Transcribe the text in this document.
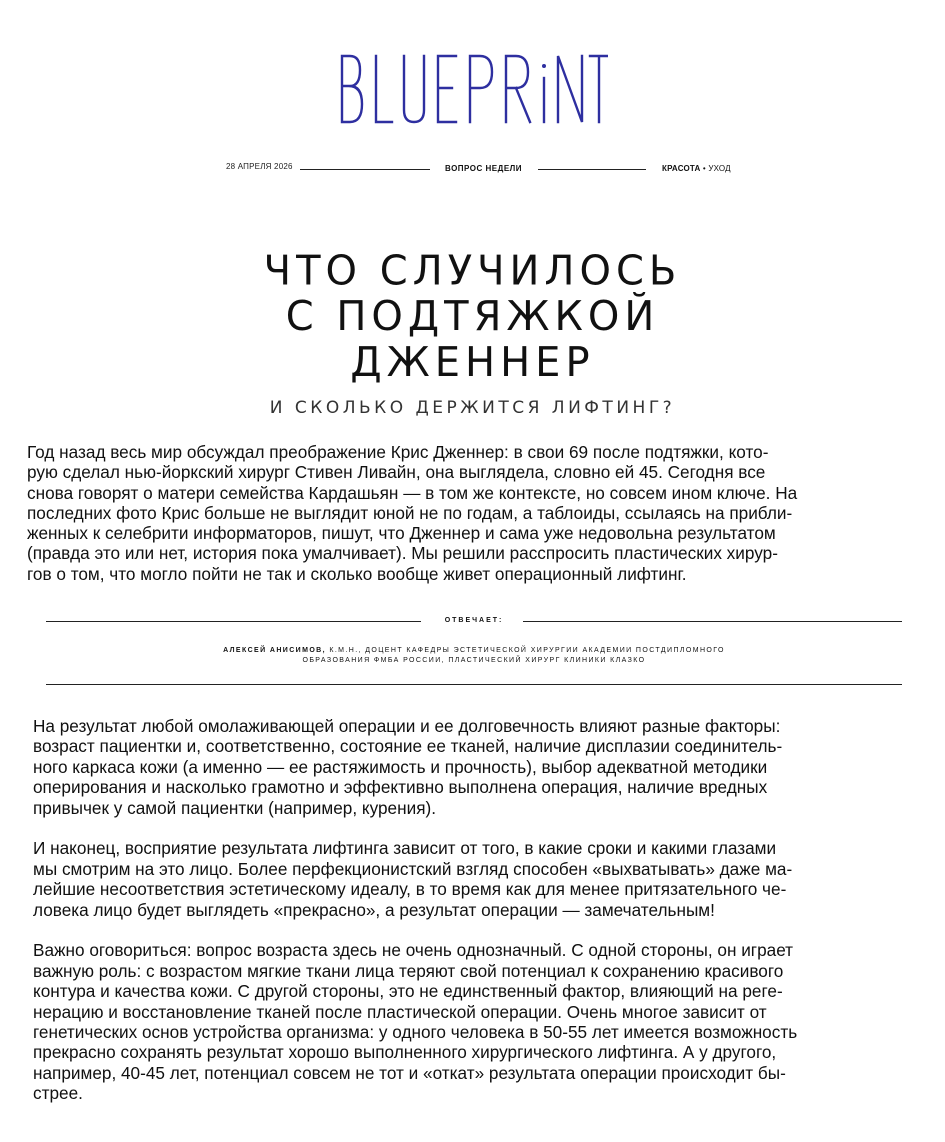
28 АПРЕЛЯ 2026	ВОПРОС НЕДЕЛИ	КРАСОТА • УХОД
ЧТО СЛУЧИЛОСЬ
С ПОДТЯЖКОЙ
ДЖЕННЕР
И СКОЛЬКО ДЕРЖИТСЯ ЛИФТИНГ?
Год назад весь мир обсуждал преображение Крис Дженнер: в свои 69 после подтяжки, кото-
рую сделал нью-йоркский хирург Стивен Ливайн, она выглядела, словно ей 45. Сегодня все
снова говорят о матери семейства Кардашьян — в том же контексте, но совсем ином ключе. На
последних фото Крис больше не выглядит юной не по годам, а таблоиды, ссылаясь на прибли-
женных к селебрити информаторов, пишут, что Дженнер и сама уже недовольна результатом
(правда это или нет, история пока умалчивает). Мы решили расспросить пластических хирур-
гов о том, что могло пойти не так и сколько вообще живет операционный лифтинг.
ОТВЕЧАЕТ:
АЛЕКСЕЙ АНИСИМОВ, К.М.Н., ДОЦЕНТ КАФЕДРЫ ЭСТЕТИЧЕСКОЙ ХИРУРГИИ АКАДЕМИИ ПОСТДИПЛОМНОГО
ОБРАЗОВАНИЯ ФМБА РОССИИ, ПЛАСТИЧЕСКИЙ ХИРУРГ КЛИНИКИ КЛАЗКО

На результат любой омолаживающей операции и ее долговечность влияют разные факторы:
возраст пациентки и, соответственно, состояние ее тканей, наличие дисплазии соединитель-
ного каркаса кожи (а именно — ее растяжимость и прочность), выбор адекватной методики
оперирования и насколько грамотно и эффективно выполнена операция, наличие вредных
привычек у самой пациентки (например, курения).

И наконец, восприятие результата лифтинга зависит от того, в какие сроки и какими глазами
мы смотрим на это лицо. Более перфекционистский взгляд способен «выхватывать» даже ма-
лейшие несоответствия эстетическому идеалу, в то время как для менее притязательного че-
ловека лицо будет выглядеть «прекрасно», а результат операции — замечательным!

Важно оговориться: вопрос возраста здесь не очень однозначный. С одной стороны, он играет
важную роль: с возрастом мягкие ткани лица теряют свой потенциал к сохранению красивого
контура и качества кожи. С другой стороны, это не единственный фактор, влияющий на реге-
нерацию и восстановление тканей после пластической операции. Очень многое зависит от
генетических основ устройства организма: у одного человека в 50-55 лет имеется возможность
прекрасно сохранять результат хорошо выполненного хирургического лифтинга. А у другого,
например, 40-45 лет, потенциал совсем не тот и «откат» результата операции происходит бы-
стрее.
